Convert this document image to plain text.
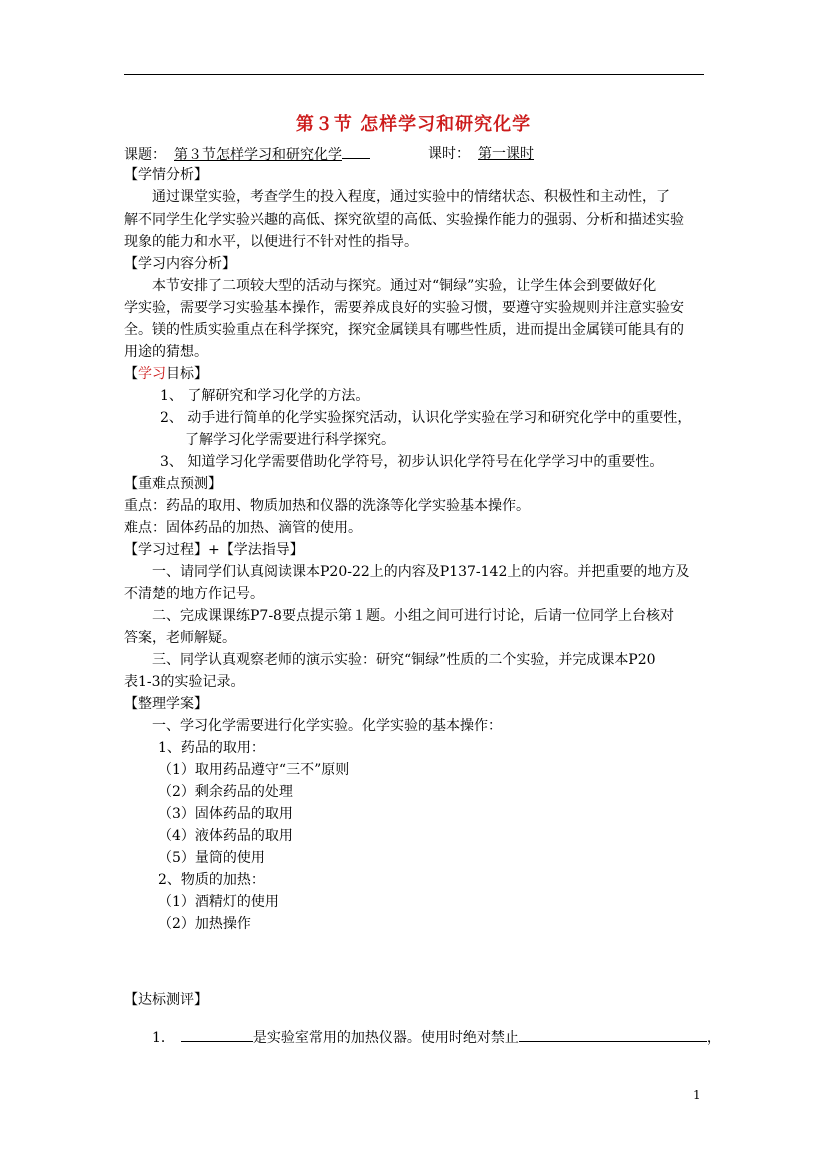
第３节 怎样学习和研究化学
课题： 第３节怎样学习和研究化学	课时： 第一课时
【学情分析】
通过课堂实验，考查学生的投入程度，通过实验中的情绪状态、积极性和主动性，了
解不同学生化学实验兴趣的高低、探究欲望的高低、实验操作能力的强弱、分析和描述实验
现象的能力和水平，以便进行不针对性的指导。
【学习内容分析】
本节安排了二项较大型的活动与探究。通过对“铜绿”实验，让学生体会到要做好化
学实验，需要学习实验基本操作，需要养成良好的实验习惯，要遵守实验规则并注意实验安
全。镁的性质实验重点在科学探究，探究金属镁具有哪些性质，进而提出金属镁可能具有的
用途的猜想。
【学习目标】
1、 了解研究和学习化学的方法。
2、 动手进行简单的化学实验探究活动，认识化学实验在学习和研究化学中的重要性，
了解学习化学需要进行科学探究。
3、 知道学习化学需要借助化学符号，初步认识化学符号在化学学习中的重要性。
【重难点预测】
重点：药品的取用、物质加热和仪器的洗涤等化学实验基本操作。
难点：固体药品的加热、滴管的使用。
【学习过程】+【学法指导】
一、请同学们认真阅读课本P20-22上的内容及P137-142上的内容。并把重要的地方及
不清楚的地方作记号。
二、完成课课练P7-8要点提示第１题。小组之间可进行讨论，后请一位同学上台核对
答案，老师解疑。
三、同学认真观察老师的演示实验：研究“铜绿”性质的二个实验，并完成课本P20
表1-3的实验记录。
【整理学案】
一、学习化学需要进行化学实验。化学实验的基本操作：
1、药品的取用：
（1）取用药品遵守“三不”原则
（2）剩余药品的处理
（3）固体药品的取用
（4）液体药品的取用
（5）量筒的使用
2、物质的加热：
（1）酒精灯的使用
（2）加热操作
【达标测评】
1．	是实验室常用的加热仪器。使用时绝对禁止	，
1
